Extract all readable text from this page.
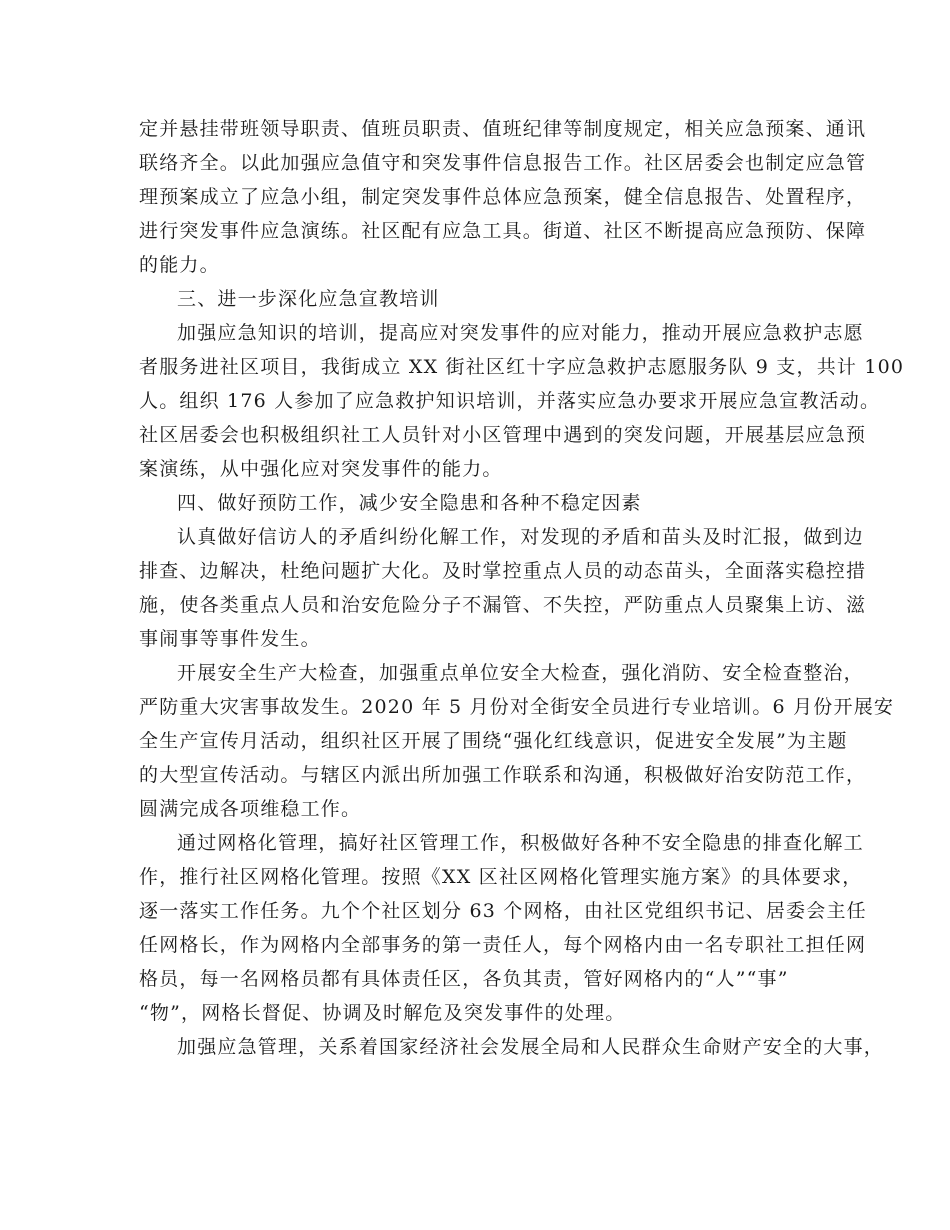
定并悬挂带班领导职责、值班员职责、值班纪律等制度规定，相关应急预案、通讯
联络齐全。以此加强应急值守和突发事件信息报告工作。社区居委会也制定应急管
理预案成立了应急小组，制定突发事件总体应急预案，健全信息报告、处置程序，
进行突发事件应急演练。社区配有应急工具。街道、社区不断提高应急预防、保障
的能力。
三、进一步深化应急宣教培训
加强应急知识的培训，提高应对突发事件的应对能力，推动开展应急救护志愿
者服务进社区项目，我街成立 XX 街社区红十字应急救护志愿服务队 9 支，共计 100
人。组织 176 人参加了应急救护知识培训，并落实应急办要求开展应急宣教活动。
社区居委会也积极组织社工人员针对小区管理中遇到的突发问题，开展基层应急预
案演练，从中强化应对突发事件的能力。
四、做好预防工作，减少安全隐患和各种不稳定因素
认真做好信访人的矛盾纠纷化解工作，对发现的矛盾和苗头及时汇报，做到边
排查、边解决，杜绝问题扩大化。及时掌控重点人员的动态苗头，全面落实稳控措
施，使各类重点人员和治安危险分子不漏管、不失控，严防重点人员聚集上访、滋
事闹事等事件发生。
开展安全生产大检查，加强重点单位安全大检查，强化消防、安全检查整治，
严防重大灾害事故发生。2020 年 5 月份对全街安全员进行专业培训。6 月份开展安
全生产宣传月活动，组织社区开展了围绕“强化红线意识，促进安全发展”为主题
的大型宣传活动。与辖区内派出所加强工作联系和沟通，积极做好治安防范工作，
圆满完成各项维稳工作。
通过网格化管理，搞好社区管理工作，积极做好各种不安全隐患的排查化解工
作，推行社区网格化管理。按照《XX 区社区网格化管理实施方案》的具体要求，
逐一落实工作任务。九个个社区划分 63 个网格，由社区党组织书记、居委会主任
任网格长，作为网格内全部事务的第一责任人，每个网格内由一名专职社工担任网
格员，每一名网格员都有具体责任区，各负其责，管好网格内的“人”“事”
“物”，网格长督促、协调及时解危及突发事件的处理。
加强应急管理，关系着国家经济社会发展全局和人民群众生命财产安全的大事，
